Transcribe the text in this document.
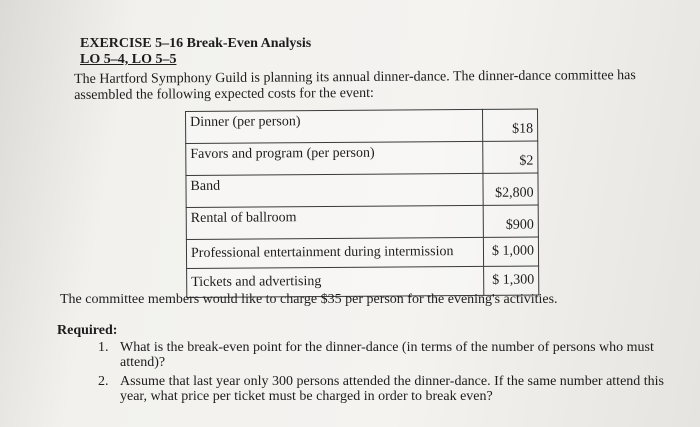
EXERCISE 5–16 Break-Even Analysis
LO 5–4, LO 5–5
The Hartford Symphony Guild is planning its annual dinner-dance. The dinner-dance committee has assembled the following expected costs for the event:
Dinner (per person)	$18
Favors and program (per person)	$2
Band	$2,800
Rental of ballroom	$900
Professional entertainment during intermission	$ 1,000
Tickets and advertising	$ 1,300
The committee members would like to charge $35 per person for the evening's activities.
Required:
1. What is the break-even point for the dinner-dance (in terms of the number of persons who must attend)?
2. Assume that last year only 300 persons attended the dinner-dance. If the same number attend this year, what price per ticket must be charged in order to break even?
